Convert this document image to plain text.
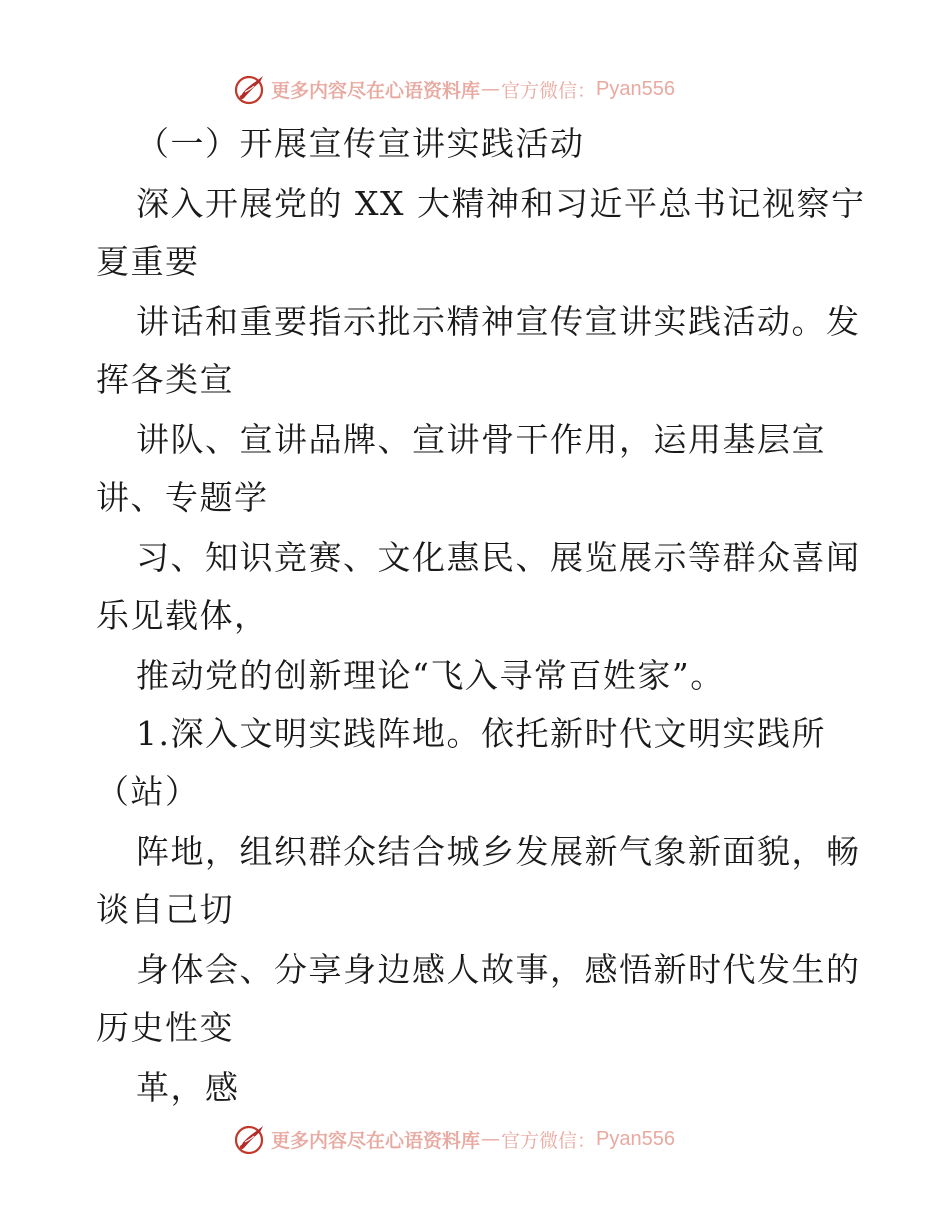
更多内容尽在心语资料库 — 官方微信： Pyan556
（一）开展宣传宣讲实践活动
深入开展党的 XX 大精神和习近平总书记视察宁
夏重要
讲话和重要指示批示精神宣传宣讲实践活动。发
挥各类宣
讲队、宣讲品牌、宣讲骨干作用，运用基层宣
讲、专题学
习、知识竞赛、文化惠民、展览展示等群众喜闻
乐见载体，
推动党的创新理论“飞入寻常百姓家”。
1.深入文明实践阵地。依托新时代文明实践所
（站）
阵地，组织群众结合城乡发展新气象新面貌，畅
谈自己切
身体会、分享身边感人故事，感悟新时代发生的
历史性变
革，感
更多内容尽在心语资料库 — 官方微信： Pyan556
